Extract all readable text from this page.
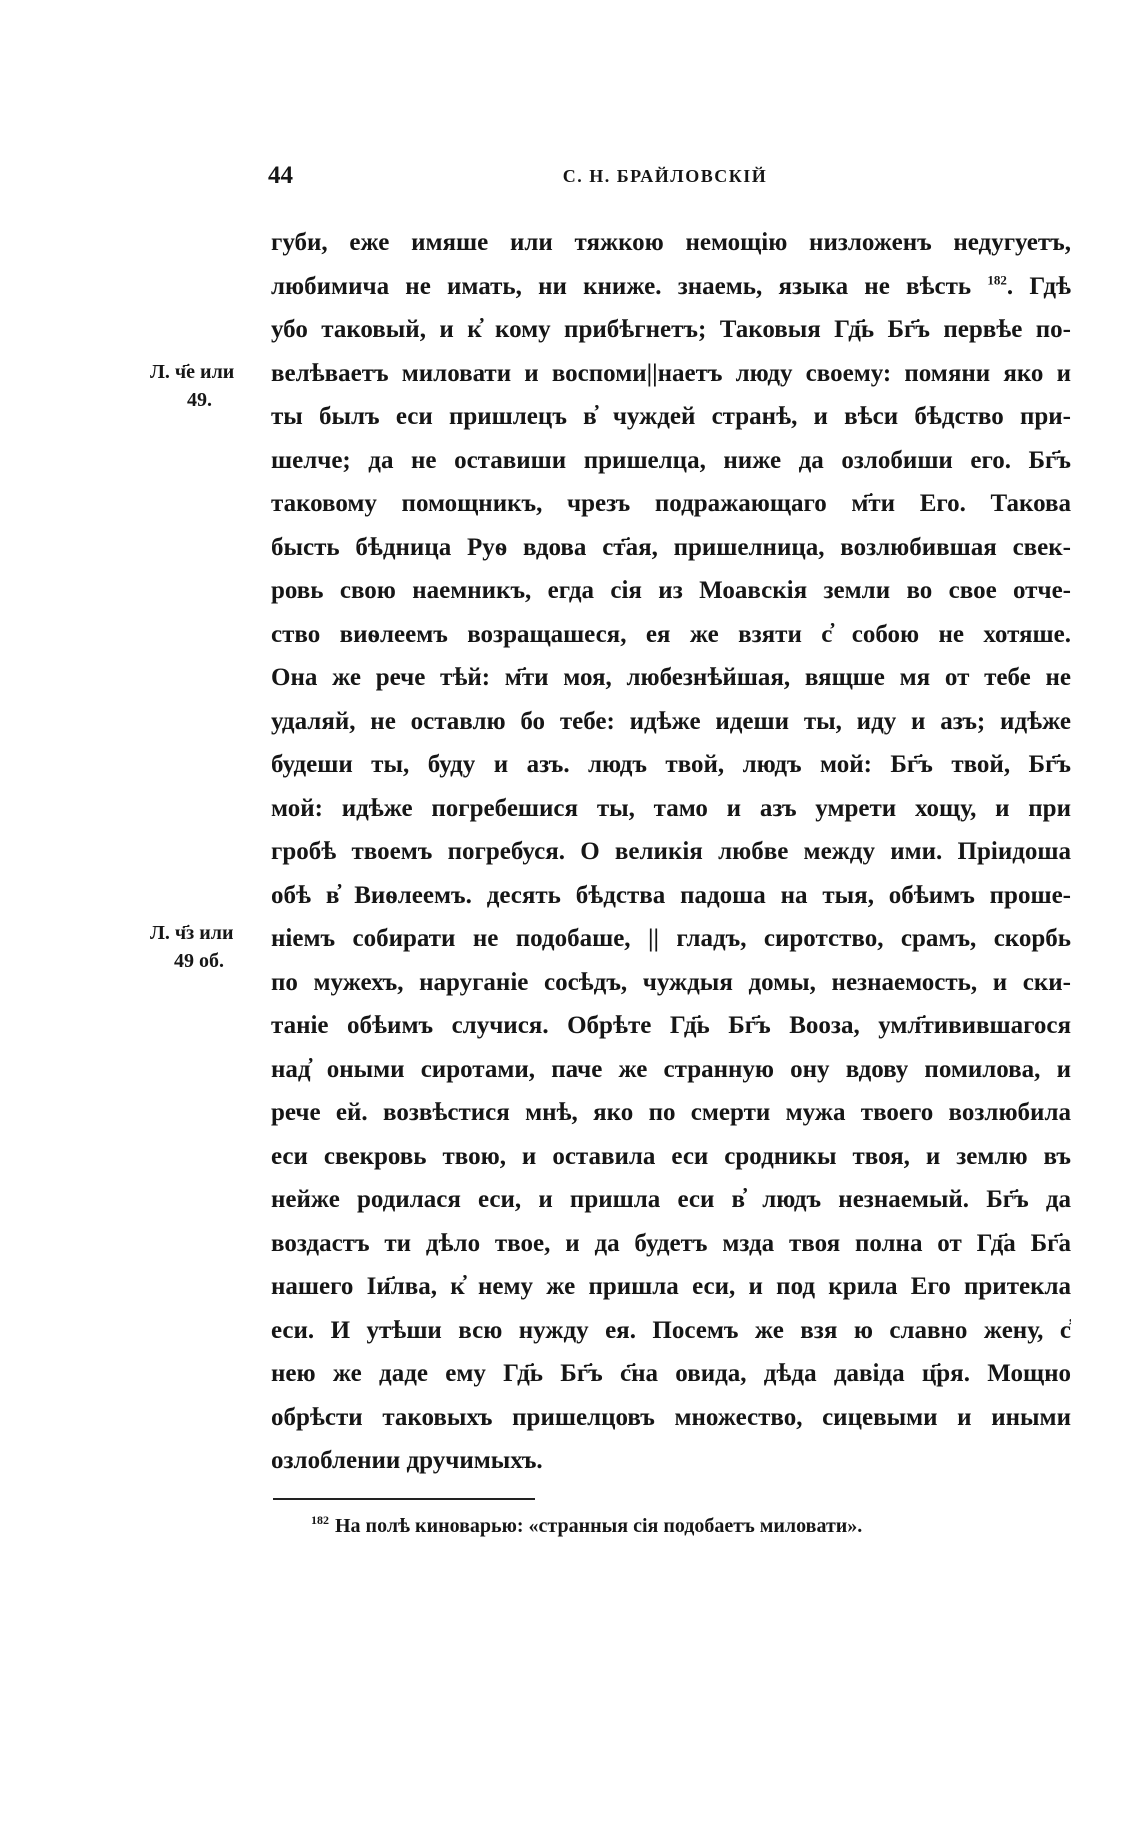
44	С. Н. БРАЙЛОВСКІЙ
Л. ч҃е или
49.
Л. ч҃з или
49 об.
губи, еже имяше или тяжкою немощію низложенъ недугуетъ,
любимича не имать, ни книже. знаемь, языка не вѣсть $^{182}$. Гдѣ
убо таковый, и к҆ кому прибѣгнетъ; Таковыя Гд҃ь Бг҃ъ первѣе по-
велѣваетъ миловати и воспоми||наетъ люду своему: помяни яко и
ты былъ еси пришлецъ в҆ чуждей странѣ, и вѣси бѣдство при-
шелче; да не оставиши пришелца, ниже да озлобиши его. Бг҃ъ
таковому помощникъ, чрезъ подражающаго м҃ти Его. Такова
бысть бѣдница Руѳ вдова ст҃ая, пришелница, возлюбившая свек-
ровь свою наемникъ, егда сія из Моавскія земли во свое отче-
ство виѳлеемъ возращашеся, ея же взяти с҆ собою не хотяше.
Она же рече тѣй: м҃ти моя, любезнѣйшая, вящше мя от тебе не
удаляй, не оставлю бо тебе: идѣже идеши ты, иду и азъ; идѣже
будеши ты, буду и азъ. людъ твой, людъ мой: Бг҃ъ твой, Бг҃ъ
мой: идѣже погребешися ты, тамо и азъ умрети хощу, и при
гробѣ твоемъ погребуся. О великія любве между ими. Пріидоша
обѣ в҆ Виѳлеемъ. десять бѣдства падоша на тыя, обѣимъ проше-
ніемъ собирати не подобаше, || гладъ, сиротство, срамъ, скорбь
по мужехъ, наруганіе сосѣдъ, чуждыя домы, незнаемость, и ски-
таніе обѣимъ случися. Обрѣте Гд҃ь Бг҃ъ Вооза, умл҃тивившагося
над҆ оными сиротами, паче же странную ону вдову помилова, и
рече ей. возвѣстися мнѣ, яко по смерти мужа твоего возлюбила
еси свекровь твою, и оставила еси сродникы твоя, и землю въ
нейже родилася еси, и пришла еси в҆ людъ незнаемый. Бг҃ъ да
воздастъ ти дѣло твое, и да будетъ мзда твоя полна от Гд҃а Бг҃а
нашего Іи҃лва, к҆ нему же пришла еси, и под крила Его притекла
еси. И утѣши всю нужду ея. Посемъ же взя ю славно жену, с҆
нею же даде ему Гд҃ь Бг҃ъ с҃на овида, дѣда давіда ц҃ря. Мощно
обрѣсти таковыхъ пришелцовъ множество, сицевыми и иными
озлоблении дручимыхъ.
$^{182}$ На полѣ киноварью: «странныя сія подобаетъ миловати».
